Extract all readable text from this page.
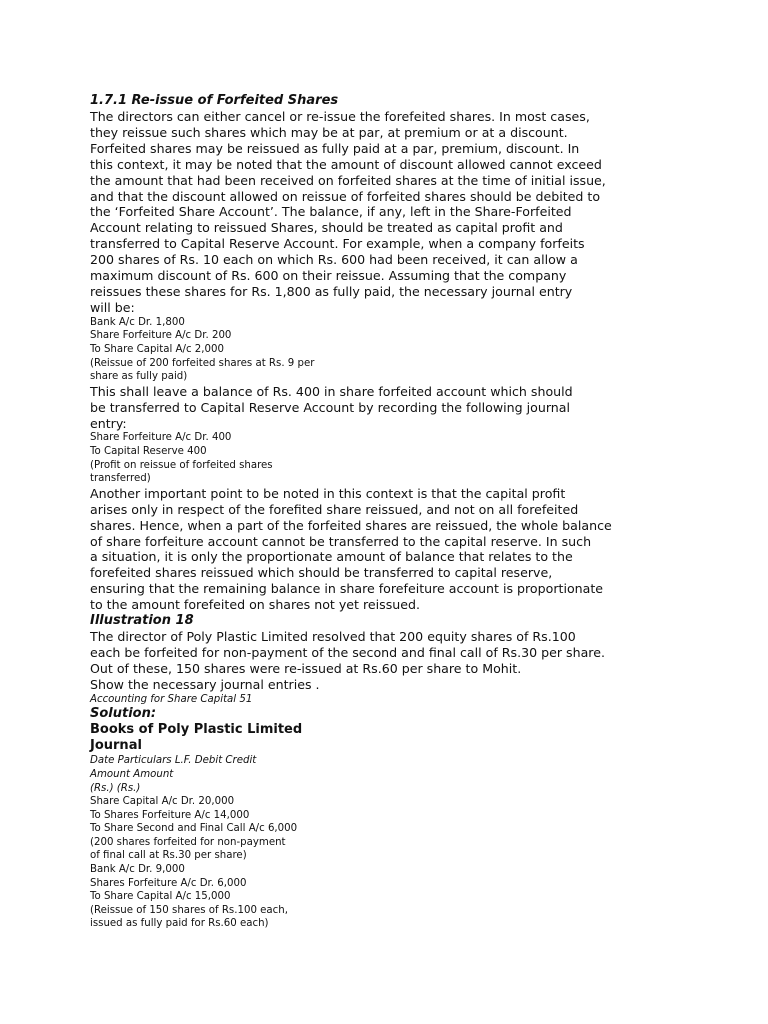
1.7.1 Re-issue of Forfeited Shares
The directors can either cancel or re-issue the forefeited shares. In most cases,
they reissue such shares which may be at par, at premium or at a discount.
Forfeited shares may be reissued as fully paid at a par, premium, discount. In
this context, it may be noted that the amount of discount allowed cannot exceed
the amount that had been received on forfeited shares at the time of initial issue,
and that the discount allowed on reissue of forfeited shares should be debited to
the ‘Forfeited Share Account’. The balance, if any, left in the Share-Forfeited
Account relating to reissued Shares, should be treated as capital profit and
transferred to Capital Reserve Account. For example, when a company forfeits
200 shares of Rs. 10 each on which Rs. 600 had been received, it can allow a
maximum discount of Rs. 600 on their reissue. Assuming that the company
reissues these shares for Rs. 1,800 as fully paid, the necessary journal entry
will be:
Bank A/c Dr. 1,800
Share Forfeiture A/c Dr. 200
To Share Capital A/c 2,000
(Reissue of 200 forfeited shares at Rs. 9 per
share as fully paid)
This shall leave a balance of Rs. 400 in share forfeited account which should
be transferred to Capital Reserve Account by recording the following journal
entry:
Share Forfeiture A/c Dr. 400
To Capital Reserve 400
(Profit on reissue of forfeited shares
transferred)
Another important point to be noted in this context is that the capital profit
arises only in respect of the forefited share reissued, and not on all forefeited
shares. Hence, when a part of the forfeited shares are reissued, the whole balance
of share forfeiture account cannot be transferred to the capital reserve. In such
a situation, it is only the proportionate amount of balance that relates to the
forefeited shares reissued which should be transferred to capital reserve,
ensuring that the remaining balance in share forefeiture account is proportionate
to the amount forefeited on shares not yet reissued.
Illustration 18
The director of Poly Plastic Limited resolved that 200 equity shares of Rs.100
each be forfeited for non-payment of the second and final call of Rs.30 per share.
Out of these, 150 shares were re-issued at Rs.60 per share to Mohit.
Show the necessary journal entries .
Accounting for Share Capital 51
Solution:
Books of Poly Plastic Limited
Journal
Date Particulars L.F. Debit Credit
Amount Amount
(Rs.) (Rs.)
Share Capital A/c Dr. 20,000
To Shares Forfeiture A/c 14,000
To Share Second and Final Call A/c 6,000
(200 shares forfeited for non-payment
of final call at Rs.30 per share)
Bank A/c Dr. 9,000
Shares Forfeiture A/c Dr. 6,000
To Share Capital A/c 15,000
(Reissue of 150 shares of Rs.100 each,
issued as fully paid for Rs.60 each)
